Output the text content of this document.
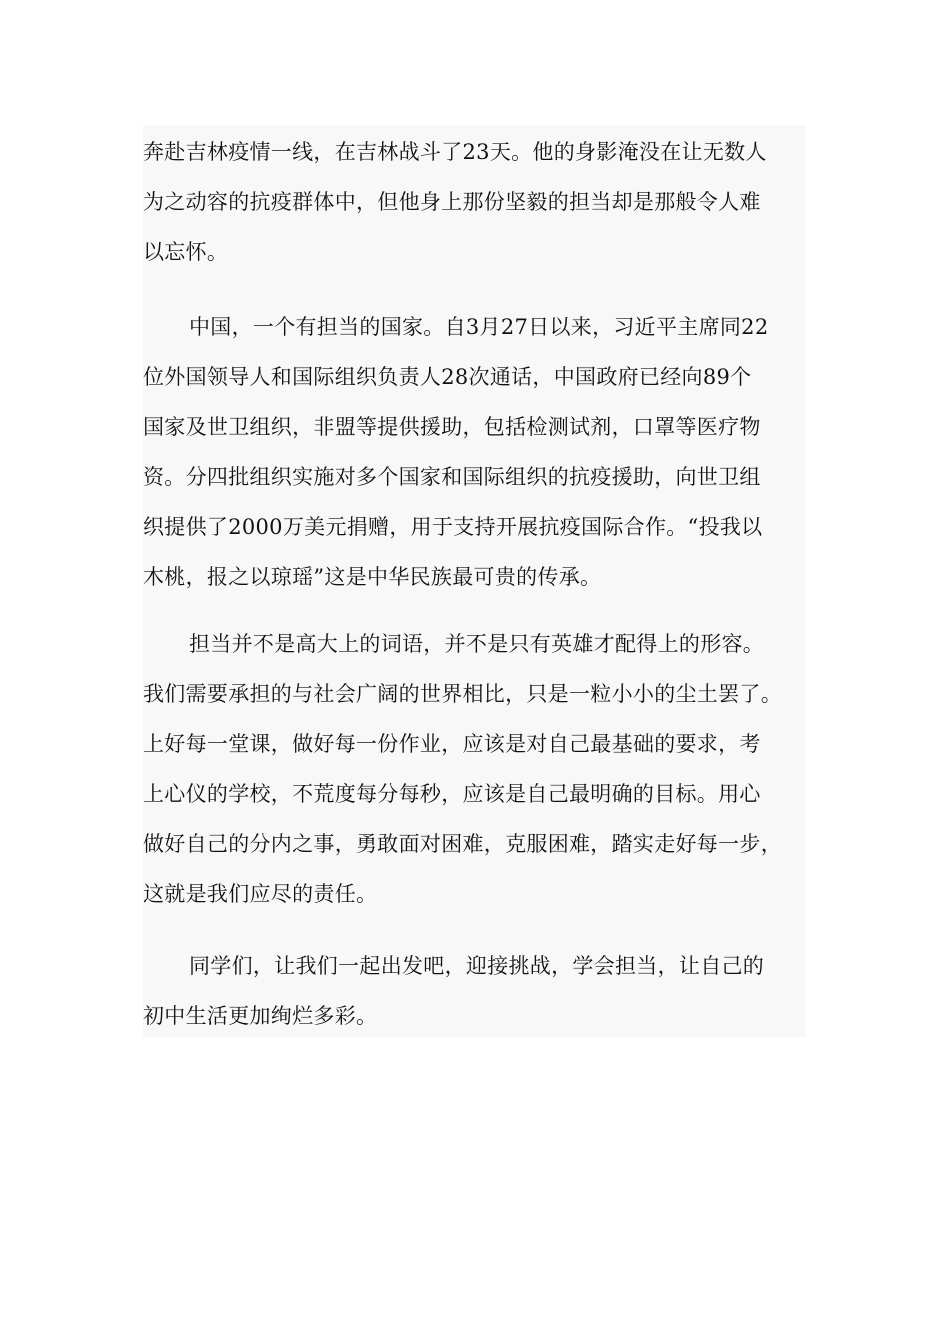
奔赴吉林疫情一线，在吉林战斗了23天。他的身影淹没在让无数人
为之动容的抗疫群体中，但他身上那份坚毅的担当却是那般令人难
以忘怀。
中国，一个有担当的国家。自3月27日以来，习近平主席同22
位外国领导人和国际组织负责人28次通话，中国政府已经向89个
国家及世卫组织，非盟等提供援助，包括检测试剂，口罩等医疗物
资。分四批组织实施对多个国家和国际组织的抗疫援助，向世卫组
织提供了2000万美元捐赠，用于支持开展抗疫国际合作。“投我以
木桃，报之以琼瑶”这是中华民族最可贵的传承。
担当并不是高大上的词语，并不是只有英雄才配得上的形容。
我们需要承担的与社会广阔的世界相比，只是一粒小小的尘土罢了。
上好每一堂课，做好每一份作业，应该是对自己最基础的要求，考
上心仪的学校，不荒度每分每秒，应该是自己最明确的目标。用心
做好自己的分内之事，勇敢面对困难，克服困难，踏实走好每一步，
这就是我们应尽的责任。
同学们，让我们一起出发吧，迎接挑战，学会担当，让自己的
初中生活更加绚烂多彩。
